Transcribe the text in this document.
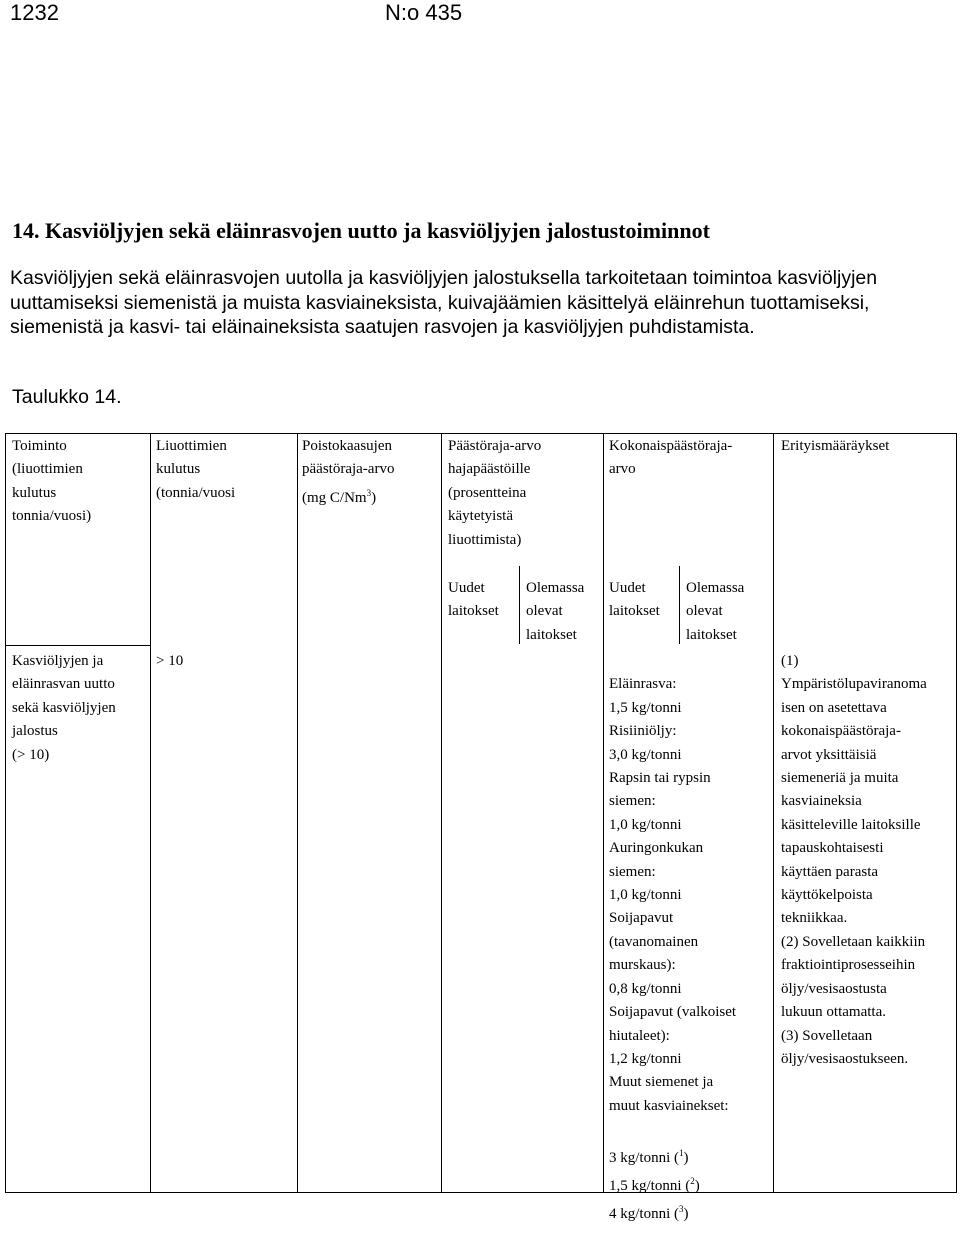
1232	N:o 435
14. Kasviöljyjen sekä eläinrasvojen uutto ja kasviöljyjen jalostustoiminnot
Kasviöljyjen sekä eläinrasvojen uutolla ja kasviöljyjen jalostuksella tarkoitetaan toimintoa kasviöljyjen uuttamiseksi siemenistä ja muista kasviaineksista, kuivajäämien käsittelyä eläinrehun tuottamiseksi, siemenistä ja kasvi- tai eläinaineksista saatujen rasvojen ja kasviöljyjen puhdistamista.
Taulukko 14.
Toiminto
(liuottimien
kulutus
tonnia/vuosi)
Liuottimien
kulutus
(tonnia/vuosi
Poistokaasujen
päästöraja-arvo
(mg C/Nm$^3$)
Päästöraja-arvo
hajapäästöille
(prosentteina
käytetyistä
liuottimista)
Kokonaispäästöraja-
arvo
Erityismääräykset
Uudet
laitokset
Olemassa
olevat
laitokset
Uudet
laitokset
Olemassa
olevat
laitokset
Kasviöljyjen ja
eläinrasvan uutto
sekä kasviöljyjen
jalostus
(> 10)
> 10

Eläinrasva:
1,5 kg/tonni
Risiiniöljy:
3,0 kg/tonni
Rapsin tai rypsin
siemen:
1,0 kg/tonni
Auringonkukan
siemen:
1,0 kg/tonni
Soijapavut
(tavanomainen
murskaus):
0,8 kg/tonni
Soijapavut (valkoiset
hiutaleet):
1,2 kg/tonni
Muut siemenet ja
muut kasviainekset:

3 kg/tonni ($^1$)
1,5 kg/tonni ($^2$)
4 kg/tonni ($^3$)

(1)
Ympäristölupaviranoma
isen on asetettava
kokonaispäästöraja-
arvot yksittäisiä
siemeneriä ja muita
kasviaineksia
käsitteleville laitoksille
tapauskohtaisesti
käyttäen parasta
käyttökelpoista
tekniikkaa.
(2) Sovelletaan kaikkiin
fraktiointiprosesseihin
öljy/vesisaostusta
lukuun ottamatta.
(3) Sovelletaan
öljy/vesisaostukseen.
